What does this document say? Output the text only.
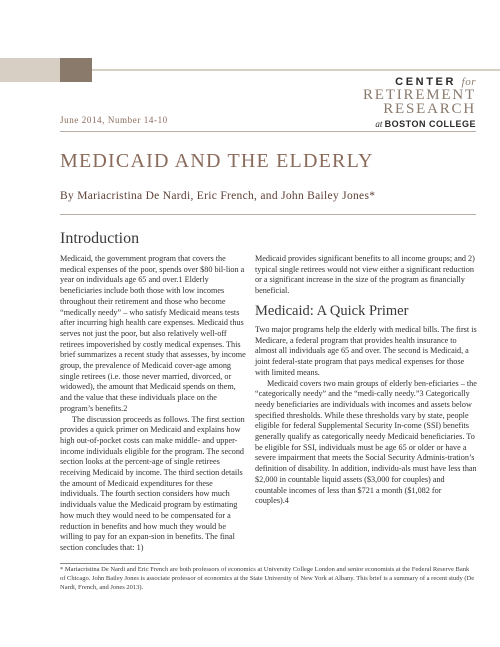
CENTER for
RETIREMENT
RESEARCH
at BOSTON COLLEGE
June 2014, Number 14-10
MEDICAID AND THE ELDERLY
By Mariacristina De Nardi, Eric French, and John Bailey Jones*
Introduction

Medicaid, the government program that covers the medical expenses of the poor, spends over $80 bil-lion a year on individuals age 65 and over.1 Elderly beneficiaries include both those with low incomes throughout their retirement and those who become “medically needy” – who satisfy Medicaid means tests after incurring high health care expenses. Medicaid thus serves not just the poor, but also relatively well-off retirees impoverished by costly medical expenses. This brief summarizes a recent study that assesses, by income group, the prevalence of Medicaid cover-age among single retirees (i.e. those never married, divorced, or widowed), the amount that Medicaid spends on them, and the value that these individuals place on the program’s benefits.2

The discussion proceeds as follows. The first section provides a quick primer on Medicaid and explains how high out-of-pocket costs can make middle- and upper-income individuals eligible for the program. The second section looks at the percent-age of single retirees receiving Medicaid by income. The third section details the amount of Medicaid expenditures for these individuals. The fourth section considers how much individuals value the Medicaid program by estimating how much they would need to be compensated for a reduction in benefits and how much they would be willing to pay for an expan-sion in benefits. The final section concludes that: 1)

Medicaid provides significant benefits to all income groups; and 2) typical single retirees would not view either a significant reduction or a significant increase in the size of the program as financially beneficial.

Medicaid: A Quick Primer

Two major programs help the elderly with medical bills. The first is Medicare, a federal program that provides health insurance to almost all individuals age 65 and over. The second is Medicaid, a joint federal-state program that pays medical expenses for those with limited means.

Medicaid covers two main groups of elderly ben-eficiaries – the “categorically needy” and the “medi-cally needy.”3 Categorically needy beneficiaries are individuals with incomes and assets below specified thresholds. While these thresholds vary by state, people eligible for federal Supplemental Security In-come (SSI) benefits generally qualify as categorically needy Medicaid beneficiaries. To be eligible for SSI, individuals must be age 65 or older or have a severe impairment that meets the Social Security Adminis-tration’s definition of disability. In addition, individu-als must have less than $2,000 in countable liquid assets ($3,000 for couples) and countable incomes of less than $721 a month ($1,082 for couples).4

* Mariacristina De Nardi and Eric French are both professors of economics at University College London and senior economists at the Federal Reserve Bank of Chicago. John Bailey Jones is associate professor of economics at the State University of New York at Albany. This brief is a summary of a recent study (De Nardi, French, and Jones 2013).
